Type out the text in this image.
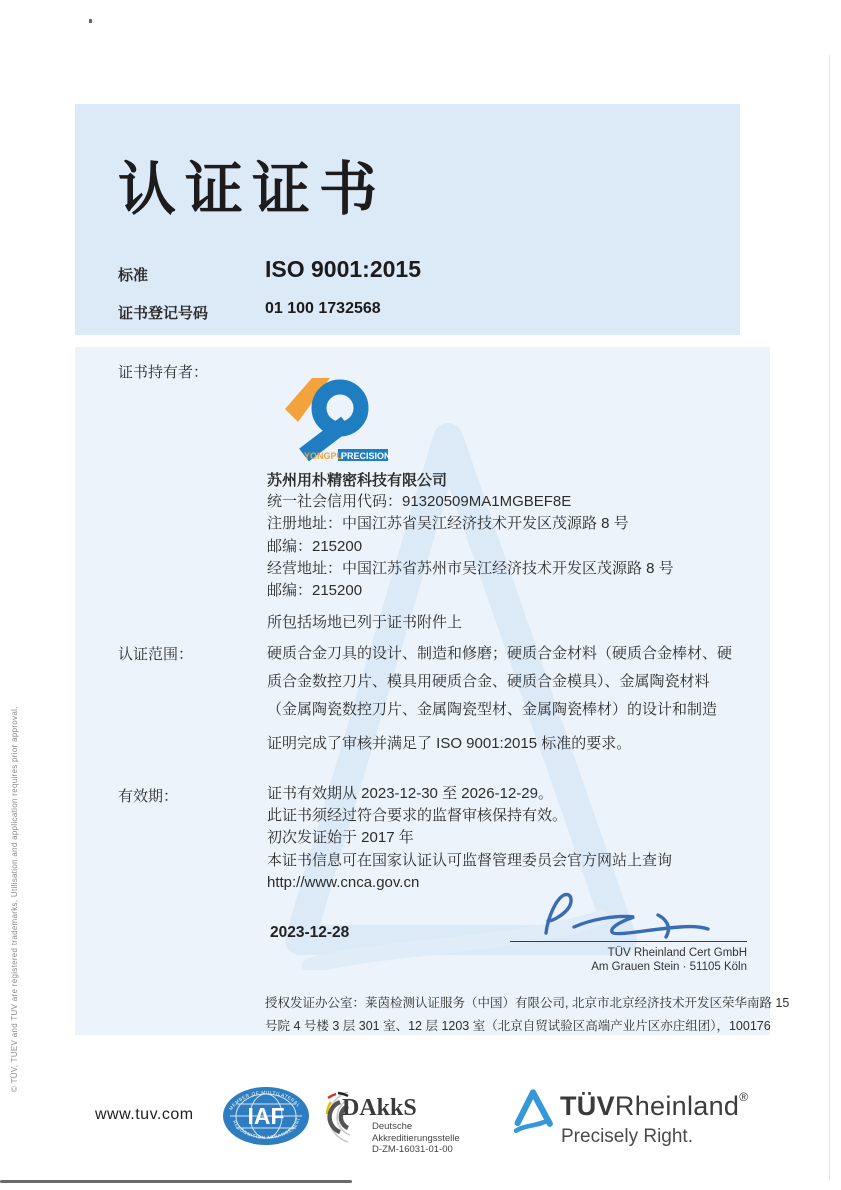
© TÜV, TUEV and TUV are registered trademarks, Utilisation and application requires prior approval.
认证证书
标准	ISO 9001:2015
证书登记号码	01 100 1732568
证书持有者：
YONGPU
PRECISION
苏州用朴精密科技有限公司
统一社会信用代码：91320509MA1MGBEF8E
注册地址：中国江苏省吴江经济技术开发区茂源路 8 号
邮编：215200
经营地址：中国江苏省苏州市吴江经济技术开发区茂源路 8 号
邮编：215200
所包括场地已列于证书附件上
认证范围：	硬质合金刀具的设计、制造和修磨；硬质合金材料（硬质合金棒材、硬
质合金数控刀片、模具用硬质合金、硬质合金模具）、金属陶瓷材料
（金属陶瓷数控刀片、金属陶瓷型材、金属陶瓷棒材）的设计和制造
证明完成了审核并满足了 ISO 9001:2015 标准的要求。
有效期：	证书有效期从 2023-12-30 至 2026-12-29。
此证书须经过符合要求的监督审核保持有效。
初次发证始于 2017 年
本证书信息可在国家认证认可监督管理委员会官方网站上查询
http://www.cnca.gov.cn
2023-12-28
TÜV Rheinland Cert GmbH
Am Grauen Stein · 51105 Köln
授权发证办公室：莱茵检测认证服务（中国）有限公司, 北京市北京经济技术开发区荣华南路 15
号院 4 号楼 3 层 301 室、12 层 1203 室（北京自贸试验区高端产业片区亦庄组团），100176
www.tuv.com	MEMBER OF MULTILATERAL
RECOGNITION ARRANGEMENT
IAF DAkkS
Deutsche
Akkreditierungsstelle
D-ZM-16031-01-00
TÜVRheinland®
Precisely Right.
